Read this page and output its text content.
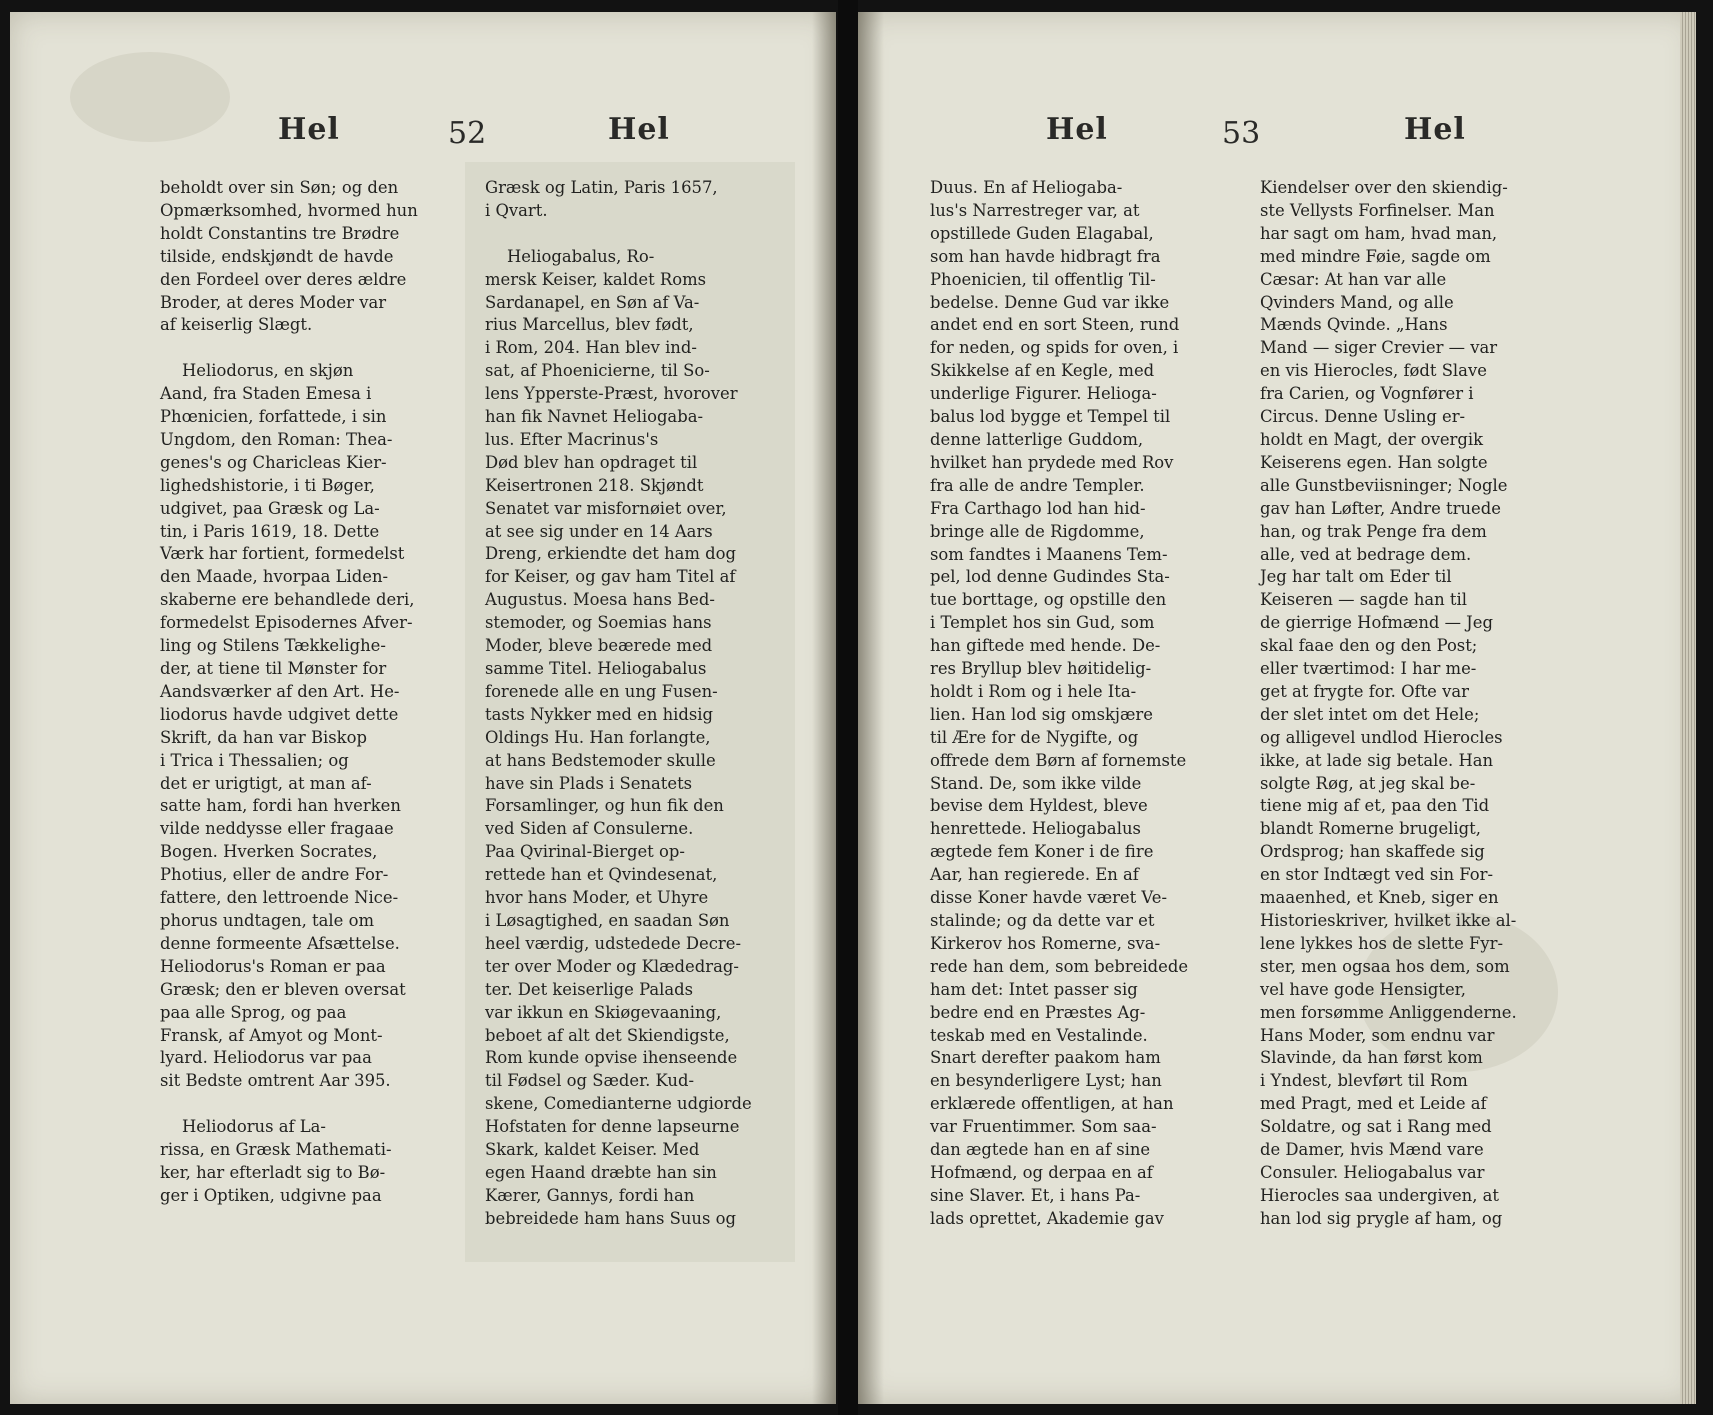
Hel	52	Hel
beholdt over sin Søn; og den
Opmærksomhed, hvormed hun
holdt Constantins tre Brødre
tilside, endskjøndt de havde
den Fordeel over deres ældre
Broder, at deres Moder var
af keiserlig Slægt.
Heliodorus, en skjøn
Aand, fra Staden Emesa i
Phœnicien, forfattede, i sin
Ungdom, den Roman: Thea-
genes's og Charicleas Kier-
lighedshistorie, i ti Bøger,
udgivet, paa Græsk og La-
tin, i Paris 1619, 18. Dette
Værk har fortient, formedelst
den Maade, hvorpaa Liden-
skaberne ere behandlede deri,
formedelst Episodernes Afver-
ling og Stilens Tækkelighe-
der, at tiene til Mønster for
Aandsværker af den Art. He-
liodorus havde udgivet dette
Skrift, da han var Biskop
i Trica i Thessalien; og
det er urigtigt, at man af-
satte ham, fordi han hverken
vilde neddysse eller fragaae
Bogen. Hverken Socrates,
Photius, eller de andre For-
fattere, den lettroende Nice-
phorus undtagen, tale om
denne formeente Afsættelse.
Heliodorus's Roman er paa
Græsk; den er bleven oversat
paa alle Sprog, og paa
Fransk, af Amyot og Mont-
lyard. Heliodorus var paa
sit Bedste omtrent Aar 395.
Heliodorus af La-
rissa, en Græsk Mathemati-
ker, har efterladt sig to Bø-
ger i Optiken, udgivne paa
Græsk og Latin, Paris 1657,
i Qvart.
Heliogabalus, Ro-
mersk Keiser, kaldet Roms
Sardanapel, en Søn af Va-
rius Marcellus, blev født,
i Rom, 204. Han blev ind-
sat, af Phoenicierne, til So-
lens Ypperste-Præst, hvorover
han fik Navnet Heliogaba-
lus. Efter Macrinus's
Død blev han opdraget til
Keisertronen 218. Skjøndt
Senatet var misfornøiet over,
at see sig under en 14 Aars
Dreng, erkiendte det ham dog
for Keiser, og gav ham Titel af
Augustus. Moesa hans Bed-
stemoder, og Soemias hans
Moder, bleve beærede med
samme Titel. Heliogabalus
forenede alle en ung Fusen-
tasts Nykker med en hidsig
Oldings Hu. Han forlangte,
at hans Bedstemoder skulle
have sin Plads i Senatets
Forsamlinger, og hun fik den
ved Siden af Consulerne.
Paa Qvirinal-Bierget op-
rettede han et Qvindesenat,
hvor hans Moder, et Uhyre
i Løsagtighed, en saadan Søn
heel værdig, udstedede Decre-
ter over Moder og Klædedrag-
ter. Det keiserlige Palads
var ikkun en Skiøgevaaning,
beboet af alt det Skiendigste,
Rom kunde opvise ihenseende
til Fødsel og Sæder. Kud-
skene, Comedianterne udgiorde
Hofstaten for denne lapseurne
Skark, kaldet Keiser. Med
egen Haand dræbte han sin
Kærer, Gannys, fordi han
bebreidede ham hans Suus og
Hel	53	Hel
Duus. En af Heliogaba-
lus's Narrestreger var, at
opstillede Guden Elagabal,
som han havde hidbragt fra
Phoenicien, til offentlig Til-
bedelse. Denne Gud var ikke
andet end en sort Steen, rund
for neden, og spids for oven, i
Skikkelse af en Kegle, med
underlige Figurer. Helioga-
balus lod bygge et Tempel til
denne latterlige Guddom,
hvilket han prydede med Rov
fra alle de andre Templer.
Fra Carthago lod han hid-
bringe alle de Rigdomme,
som fandtes i Maanens Tem-
pel, lod denne Gudindes Sta-
tue borttage, og opstille den
i Templet hos sin Gud, som
han giftede med hende. De-
res Bryllup blev høitidelig-
holdt i Rom og i hele Ita-
lien. Han lod sig omskjære
til Ære for de Nygifte, og
offrede dem Børn af fornemste
Stand. De, som ikke vilde
bevise dem Hyldest, bleve
henrettede. Heliogabalus
ægtede fem Koner i de fire
Aar, han regierede. En af
disse Koner havde været Ve-
stalinde; og da dette var et
Kirkerov hos Romerne, sva-
rede han dem, som bebreidede
ham det: Intet passer sig
bedre end en Præstes Ag-
teskab med en Vestalinde.
Snart derefter paakom ham
en besynderligere Lyst; han
erklærede offentligen, at han
var Fruentimmer. Som saa-
dan ægtede han en af sine
Hofmænd, og derpaa en af
sine Slaver. Et, i hans Pa-
lads oprettet, Akademie gav
Kiendelser over den skiendig-
ste Vellysts Forfinelser. Man
har sagt om ham, hvad man,
med mindre Føie, sagde om
Cæsar: At han var alle
Qvinders Mand, og alle
Mænds Qvinde. „Hans
Mand — siger Crevier — var
en vis Hierocles, født Slave
fra Carien, og Vognfører i
Circus. Denne Usling er-
holdt en Magt, der overgik
Keiserens egen. Han solgte
alle Gunstbeviisninger; Nogle
gav han Løfter, Andre truede
han, og trak Penge fra dem
alle, ved at bedrage dem.
Jeg har talt om Eder til
Keiseren — sagde han til
de gierrige Hofmænd — Jeg
skal faae den og den Post;
eller tværtimod: I har me-
get at frygte for. Ofte var
der slet intet om det Hele;
og alligevel undlod Hierocles
ikke, at lade sig betale. Han
solgte Røg, at jeg skal be-
tiene mig af et, paa den Tid
blandt Romerne brugeligt,
Ordsprog; han skaffede sig
en stor Indtægt ved sin For-
maaenhed, et Kneb, siger en
Historieskriver, hvilket ikke al-
lene lykkes hos de slette Fyr-
ster, men ogsaa hos dem, som
vel have gode Hensigter,
men forsømme Anliggenderne.
Hans Moder, som endnu var
Slavinde, da han først kom
i Yndest, blevført til Rom
med Pragt, med et Leide af
Soldatre, og sat i Rang med
de Damer, hvis Mænd vare
Consuler. Heliogabalus var
Hierocles saa undergiven, at
han lod sig prygle af ham, og
